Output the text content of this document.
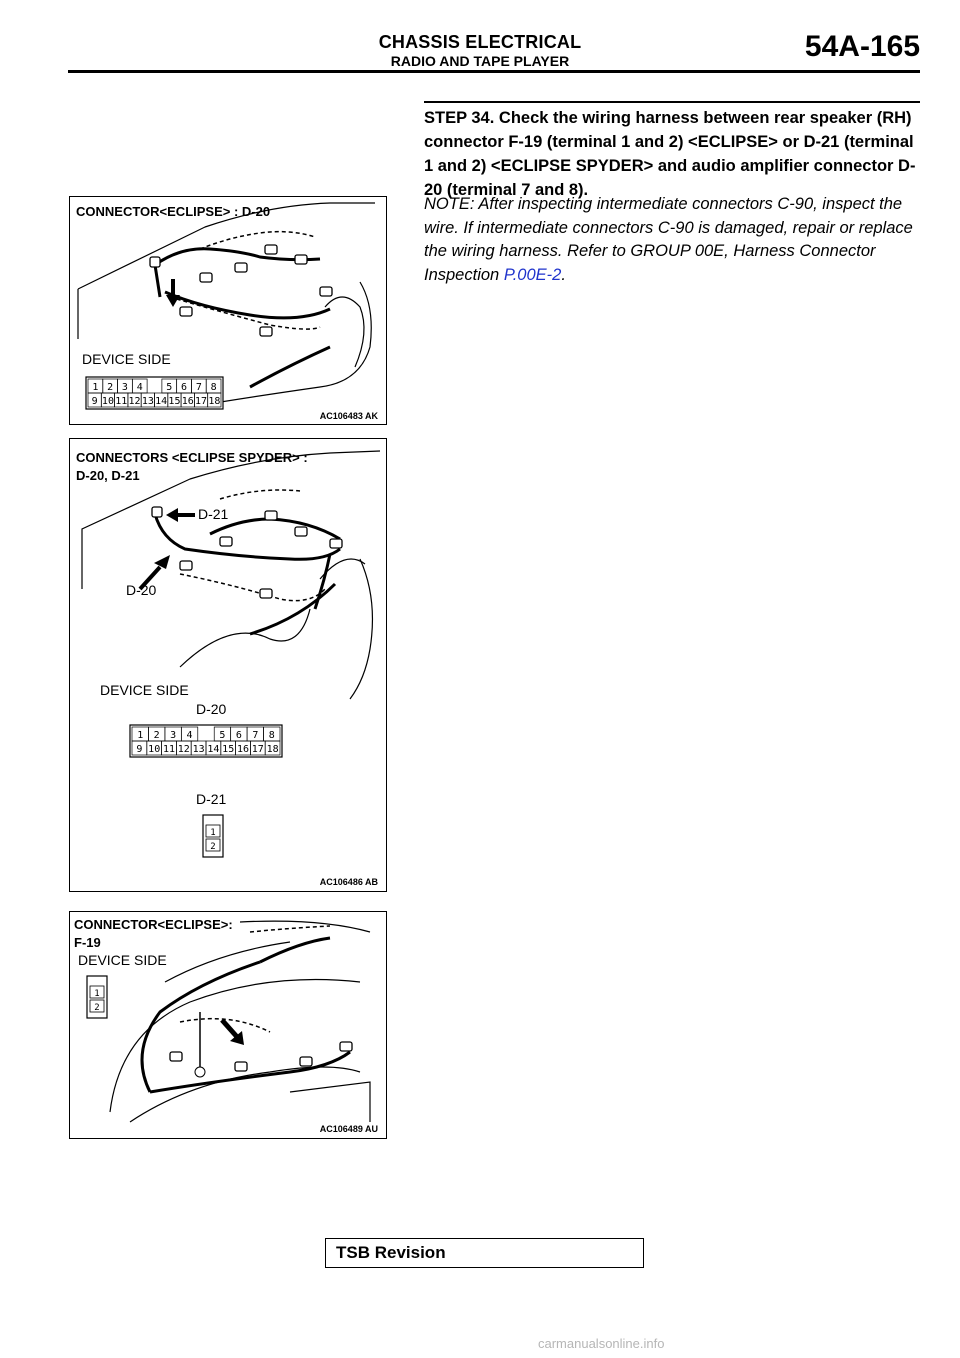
CHASSIS ELECTRICAL
RADIO AND TAPE PLAYER	54A-165
STEP 34. Check the wiring harness between rear speaker (RH) connector F-19 (terminal 1 and 2) <ECLIPSE> or D-21 (terminal 1 and 2) <ECLIPSE SPYDER> and audio amplifier connector D-20 (terminal 7 and 8).
NOTE: After inspecting intermediate connectors C-90, inspect the wire. If intermediate connectors C-90 is damaged, repair or replace the wiring harness. Refer to GROUP 00E, Harness Connector Inspection P.00E-2.
1 2 3 4 5 6 7 8
9 10 11 12 13 14 15 16 17 18
CONNECTOR<ECLIPSE> : D-20
DEVICE SIDE
AC106483 AK
1 2 3 4	5 6 7 8
9 10 11 12 13 14 15 16 17 18
1
2
CONNECTORS <ECLIPSE SPYDER> :
D-20, D-21
D-21
D-20
DEVICE SIDE
D-20
D-21
AC106486 AB
1
2
CONNECTOR<ECLIPSE>:
F-19
DEVICE SIDE
AC106489 AU
TSB Revision
carmanualsonline.info
